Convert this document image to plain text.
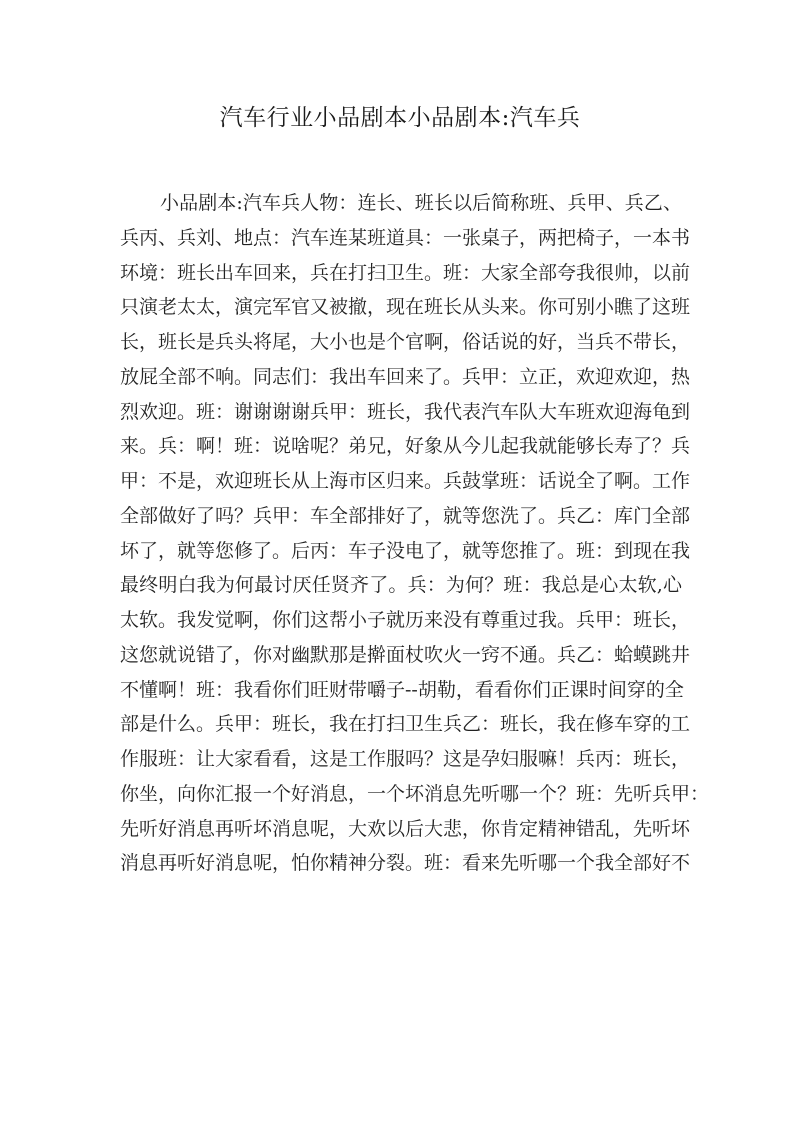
汽车行业小品剧本小品剧本:汽车兵
小品剧本:汽车兵人物：连长、班长以后简称班、兵甲、兵乙、
兵丙、兵刘、地点：汽车连某班道具：一张桌子，两把椅子，一本书
环境：班长出车回来，兵在打扫卫生。班：大家全部夸我很帅，以前
只演老太太，演完军官又被撤，现在班长从头来。你可别小瞧了这班
长，班长是兵头将尾，大小也是个官啊，俗话说的好，当兵不带长，
放屁全部不响。同志们：我出车回来了。兵甲：立正，欢迎欢迎，热
烈欢迎。班：谢谢谢谢兵甲：班长，我代表汽车队大车班欢迎海龟到
来。兵：啊！班：说啥呢？弟兄，好象从今儿起我就能够长寿了？兵
甲：不是，欢迎班长从上海市区归来。兵鼓掌班：话说全了啊。工作
全部做好了吗？兵甲：车全部排好了，就等您洗了。兵乙：库门全部
坏了，就等您修了。后丙：车子没电了，就等您推了。班：到现在我
最终明白我为何最讨厌任贤齐了。兵：为何？班：我总是心太软,心
太软。我发觉啊，你们这帮小子就历来没有尊重过我。兵甲：班长，
这您就说错了，你对幽默那是擀面杖吹火一窍不通。兵乙：蛤蟆跳井
不懂啊！班：我看你们旺财带嚼子--胡勒，看看你们正课时间穿的全
部是什么。兵甲：班长，我在打扫卫生兵乙：班长，我在修车穿的工
作服班：让大家看看，这是工作服吗？这是孕妇服嘛！兵丙：班长，
你坐，向你汇报一个好消息，一个坏消息先听哪一个？班：先听兵甲：
先听好消息再听坏消息呢，大欢以后大悲，你肯定精神错乱，先听坏
消息再听好消息呢，怕你精神分裂。班：看来先听哪一个我全部好不
